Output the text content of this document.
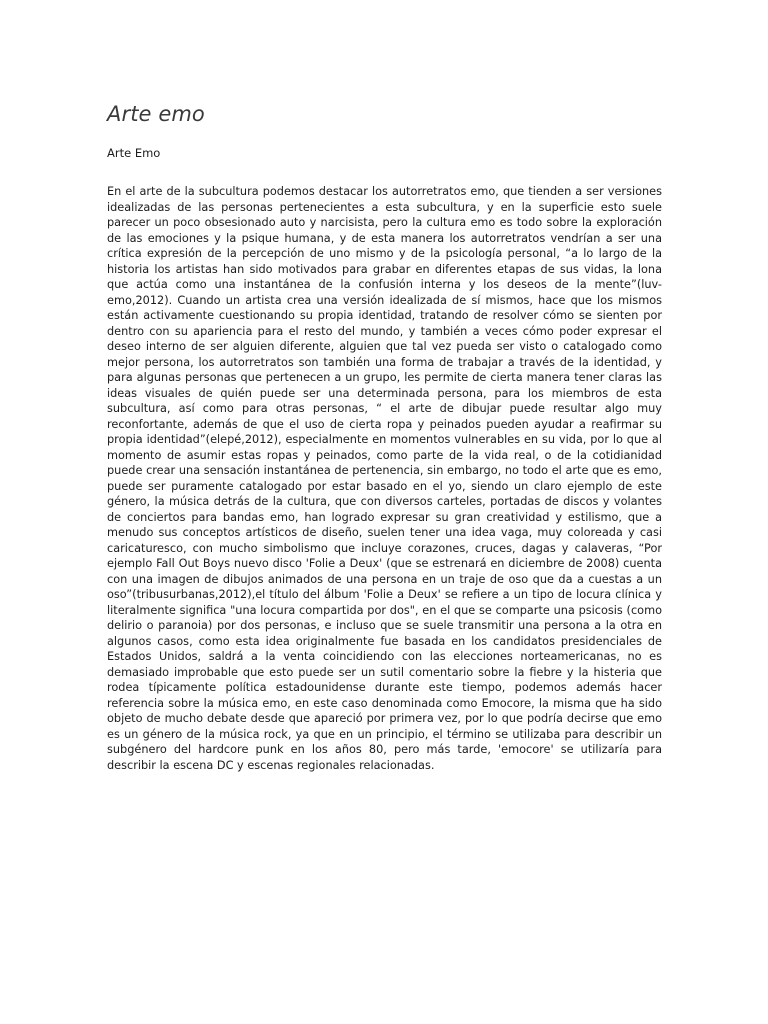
Arte emo

Arte Emo

En el arte de la subcultura podemos destacar los autorretratos emo, que tienden a ser versiones idealizadas de las personas pertenecientes a esta subcultura, y en la superficie esto suele parecer un poco obsesionado auto y narcisista, pero la cultura emo es todo sobre la exploración de las emociones y la psique humana, y de esta manera los autorretratos vendrían a ser una crítica expresión de la percepción de uno mismo y de la psicología personal, “a lo largo de la historia los artistas han sido motivados para grabar en diferentes etapas de sus vidas, la lona que actúa como una instantánea de la confusión interna y los deseos de la mente”(luv-emo,2012). Cuando un artista crea una versión idealizada de sí mismos, hace que los mismos están activamente cuestionando su propia identidad, tratando de resolver cómo se sienten por dentro con su apariencia para el resto del mundo, y también a veces cómo poder expresar el deseo interno de ser alguien diferente, alguien que tal vez pueda ser visto o catalogado como mejor persona, los autorretratos son también una forma de trabajar a través de la identidad, y para algunas personas que pertenecen a un grupo, les permite de cierta manera tener claras las ideas visuales de quién puede ser una determinada persona, para los miembros de esta subcultura, así como para otras personas, “ el arte de dibujar puede resultar algo muy reconfortante, además de que el uso de cierta ropa y peinados pueden ayudar a reafirmar su propia identidad”(elepé,2012), especialmente en momentos vulnerables en su vida, por lo que al momento de asumir estas ropas y peinados, como parte de la vida real, o de la cotidianidad puede crear una sensación instantánea de pertenencia, sin embargo, no todo el arte que es emo, puede ser puramente catalogado por estar basado en el yo, siendo un claro ejemplo de este género, la música detrás de la cultura, que con diversos carteles, portadas de discos y volantes de conciertos para bandas emo, han logrado expresar su gran creatividad y estilismo, que a menudo sus conceptos artísticos de diseño, suelen tener una idea vaga, muy coloreada y casi caricaturesco, con mucho simbolismo que incluye corazones, cruces, dagas y calaveras, “Por ejemplo Fall Out Boys nuevo disco 'Folie a Deux' (que se estrenará en diciembre de 2008) cuenta con una imagen de dibujos animados de una persona en un traje de oso que da a cuestas a un oso”(tribusurbanas,2012),el título del álbum 'Folie a Deux' se refiere a un tipo de locura clínica y literalmente significa "una locura compartida por dos", en el que se comparte una psicosis (como delirio o paranoia) por dos personas, e incluso que se suele transmitir una persona a la otra en algunos casos, como esta idea originalmente fue basada en los candidatos presidenciales de Estados Unidos, saldrá a la venta coincidiendo con las elecciones norteamericanas, no es demasiado improbable que esto puede ser un sutil comentario sobre la fiebre y la histeria que rodea típicamente política estadounidense durante este tiempo, podemos además hacer referencia sobre la música emo, en este caso denominada como Emocore, la misma que ha sido objeto de mucho debate desde que apareció por primera vez, por lo que podría decirse que emo es un género de la música rock, ya que en un principio, el término se utilizaba para describir un subgénero del hardcore punk en los años 80, pero más tarde, 'emocore' se utilizaría para describir la escena DC y escenas regionales relacionadas.
